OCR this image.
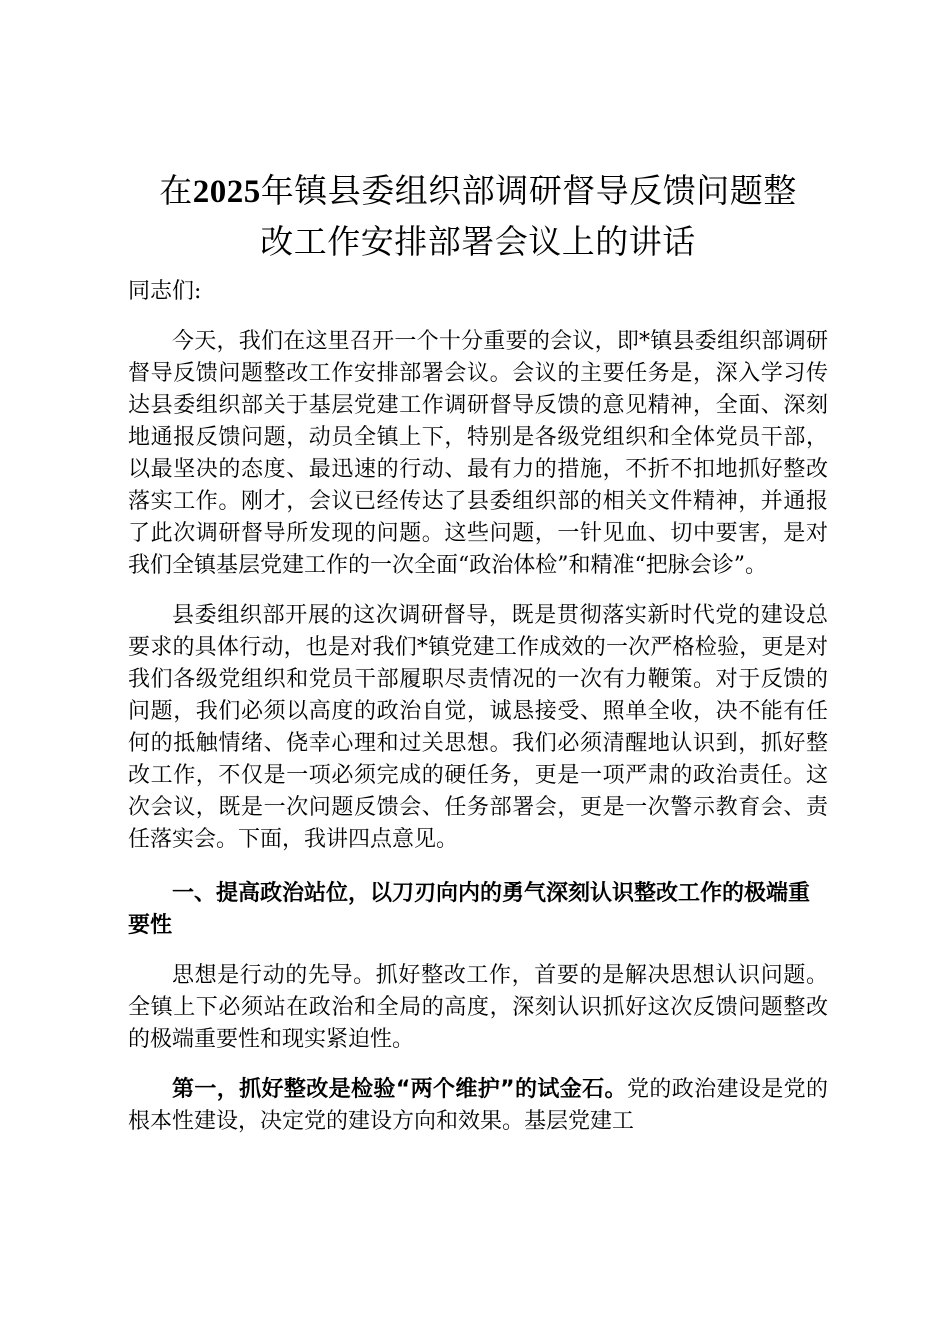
在2025年镇县委组织部调研督导反馈问题整
改工作安排部署会议上的讲话

同志们:

今天，我们在这里召开一个十分重要的会议，即*镇县委组织部调研督导反馈问题整改工作安排部署会议。会议的主要任务是，深入学习传达县委组织部关于基层党建工作调研督导反馈的意见精神，全面、深刻地通报反馈问题，动员全镇上下，特别是各级党组织和全体党员干部，以最坚决的态度、最迅速的行动、最有力的措施，不折不扣地抓好整改落实工作。刚才，会议已经传达了县委组织部的相关文件精神，并通报了此次调研督导所发现的问题。这些问题，一针见血、切中要害，是对我们全镇基层党建工作的一次全面“政治体检”和精准“把脉会诊”。

县委组织部开展的这次调研督导，既是贯彻落实新时代党的建设总要求的具体行动，也是对我们*镇党建工作成效的一次严格检验，更是对我们各级党组织和党员干部履职尽责情况的一次有力鞭策。对于反馈的问题，我们必须以高度的政治自觉，诚恳接受、照单全收，决不能有任何的抵触情绪、侥幸心理和过关思想。我们必须清醒地认识到，抓好整改工作，不仅是一项必须完成的硬任务，更是一项严肃的政治责任。这次会议，既是一次问题反馈会、任务部署会，更是一次警示教育会、责任落实会。下面，我讲四点意见。

一、提高政治站位，以刀刃向内的勇气深刻认识整改工作的极端重要性

思想是行动的先导。抓好整改工作，首要的是解决思想认识问题。全镇上下必须站在政治和全局的高度，深刻认识抓好这次反馈问题整改的极端重要性和现实紧迫性。

第一，抓好整改是检验“两个维护”的试金石。党的政治建设是党的根本性建设，决定党的建设方向和效果。基层党建工
